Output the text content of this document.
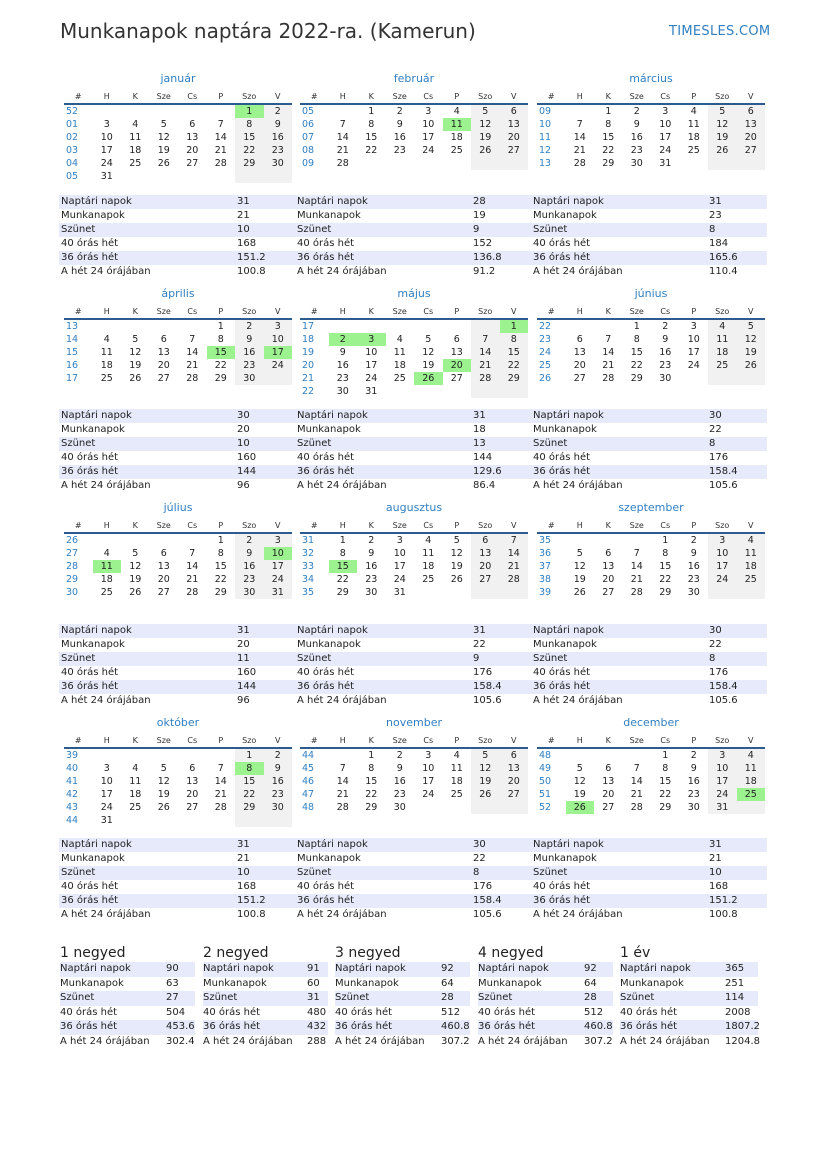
Munkanapok naptára 2022-ra. (Kamerun)	TIMESLES.COM
január
#	H	K	Sze	Cs	P	Szo	V
52						1	2
01	3	4	5	6	7	8	9
02	10	11	12	13	14	15	16
03	17	18	19	20	21	22	23
04	24	25	26	27	28	29	30
05	31						
Naptári napok	31
Munkanapok	21
Szünet	10
40 órás hét	168
36 órás hét	151.2
A hét 24 órájában	100.8
február
#	H	K	Sze	Cs	P	Szo	V
05		1	2	3	4	5	6
06	7	8	9	10	11	12	13
07	14	15	16	17	18	19	20
08	21	22	23	24	25	26	27
09	28						
Naptári napok	28
Munkanapok	19
Szünet	9
40 órás hét	152
36 órás hét	136.8
A hét 24 órájában	91.2
március
#	H	K	Sze	Cs	P	Szo	V
09		1	2	3	4	5	6
10	7	8	9	10	11	12	13
11	14	15	16	17	18	19	20
12	21	22	23	24	25	26	27
13	28	29	30	31			
Naptári napok	31
Munkanapok	23
Szünet	8
40 órás hét	184
36 órás hét	165.6
A hét 24 órájában	110.4
április
#	H	K	Sze	Cs	P	Szo	V
13					1	2	3
14	4	5	6	7	8	9	10
15	11	12	13	14	15	16	17
16	18	19	20	21	22	23	24
17	25	26	27	28	29	30	
Naptári napok	30
Munkanapok	20
Szünet	10
40 órás hét	160
36 órás hét	144
A hét 24 órájában	96
május
#	H	K	Sze	Cs	P	Szo	V
17							1
18	2	3	4	5	6	7	8
19	9	10	11	12	13	14	15
20	16	17	18	19	20	21	22
21	23	24	25	26	27	28	29
22	30	31					
Naptári napok	31
Munkanapok	18
Szünet	13
40 órás hét	144
36 órás hét	129.6
A hét 24 órájában	86.4
június
#	H	K	Sze	Cs	P	Szo	V
22			1	2	3	4	5
23	6	7	8	9	10	11	12
24	13	14	15	16	17	18	19
25	20	21	22	23	24	25	26
26	27	28	29	30			
Naptári napok	30
Munkanapok	22
Szünet	8
40 órás hét	176
36 órás hét	158.4
A hét 24 órájában	105.6
július
#	H	K	Sze	Cs	P	Szo	V
26					1	2	3
27	4	5	6	7	8	9	10
28	11	12	13	14	15	16	17
29	18	19	20	21	22	23	24
30	25	26	27	28	29	30	31
Naptári napok	31
Munkanapok	20
Szünet	11
40 órás hét	160
36 órás hét	144
A hét 24 órájában	96
augusztus
#	H	K	Sze	Cs	P	Szo	V
31	1	2	3	4	5	6	7
32	8	9	10	11	12	13	14
33	15	16	17	18	19	20	21
34	22	23	24	25	26	27	28
35	29	30	31				
Naptári napok	31
Munkanapok	22
Szünet	9
40 órás hét	176
36 órás hét	158.4
A hét 24 órájában	105.6
szeptember
#	H	K	Sze	Cs	P	Szo	V
35				1	2	3	4
36	5	6	7	8	9	10	11
37	12	13	14	15	16	17	18
38	19	20	21	22	23	24	25
39	26	27	28	29	30		
Naptári napok	30
Munkanapok	22
Szünet	8
40 órás hét	176
36 órás hét	158.4
A hét 24 órájában	105.6
október
#	H	K	Sze	Cs	P	Szo	V
39						1	2
40	3	4	5	6	7	8	9
41	10	11	12	13	14	15	16
42	17	18	19	20	21	22	23
43	24	25	26	27	28	29	30
44	31						
Naptári napok	31
Munkanapok	21
Szünet	10
40 órás hét	168
36 órás hét	151.2
A hét 24 órájában	100.8
november
#	H	K	Sze	Cs	P	Szo	V
44		1	2	3	4	5	6
45	7	8	9	10	11	12	13
46	14	15	16	17	18	19	20
47	21	22	23	24	25	26	27
48	28	29	30				
Naptári napok	30
Munkanapok	22
Szünet	8
40 órás hét	176
36 órás hét	158.4
A hét 24 órájában	105.6
december
#	H	K	Sze	Cs	P	Szo	V
48				1	2	3	4
49	5	6	7	8	9	10	11
50	12	13	14	15	16	17	18
51	19	20	21	22	23	24	25
52	26	27	28	29	30	31	
Naptári napok	31
Munkanapok	21
Szünet	10
40 órás hét	168
36 órás hét	151.2
A hét 24 órájában	100.8
1 negyed
Naptári napok	90
Munkanapok	63
Szünet	27
40 órás hét	504
36 órás hét	453.6
A hét 24 órájában 302.4
2 negyed
Naptári napok	91
Munkanapok	60
Szünet	31
40 órás hét	480
36 órás hét	432
A hét 24 órájában 288
3 negyed
Naptári napok	92
Munkanapok	64
Szünet	28
40 órás hét	512
36 órás hét	460.8
A hét 24 órájában 307.2
4 negyed
Naptári napok	92
Munkanapok	64
Szünet	28
40 órás hét	512
36 órás hét	460.8
A hét 24 órájában 307.2
1 év
Naptári napok	365
Munkanapok	251
Szünet	114
40 órás hét	2008
36 órás hét	1807.2
A hét 24 órájában 1204.8
